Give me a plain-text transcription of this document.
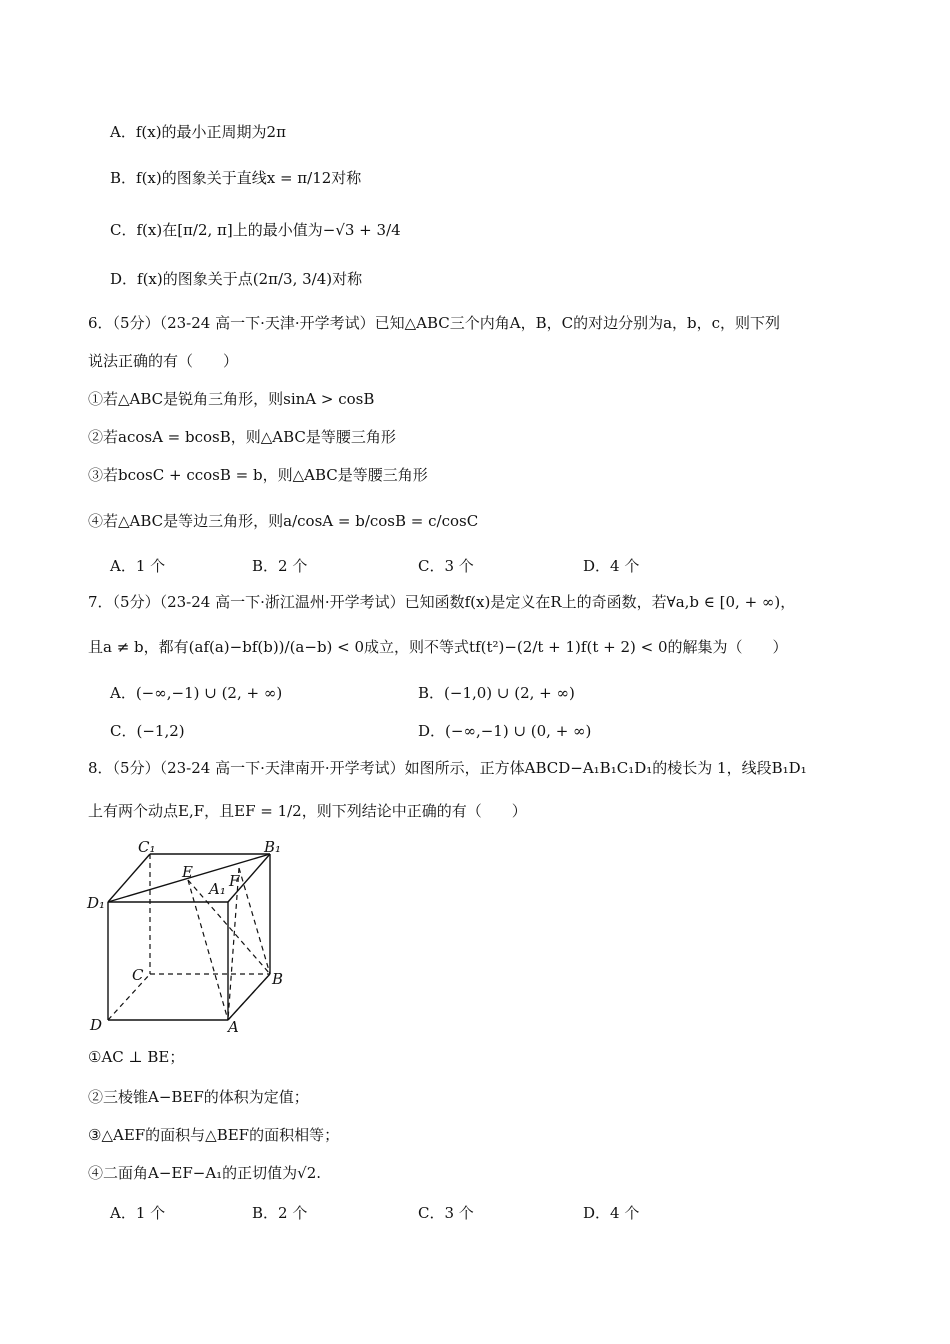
A．f(x)的最小正周期为2π
B．f(x)的图象关于直线x = π/12对称
C．f(x)在[π/2, π]上的最小值为−√3 + 3/4
D．f(x)的图象关于点(2π/3, 3/4)对称
6．（5分）（23-24 高一下·天津·开学考试）已知△ABC三个内角A，B，C的对边分别为a，b，c，则下列
说法正确的有（　　）
①若△ABC是锐角三角形，则sinA > cosB
②若acosA = bcosB，则△ABC是等腰三角形
③若bcosC + ccosB = b，则△ABC是等腰三角形
④若△ABC是等边三角形，则a/cosA = b/cosB = c/cosC
A．1 个	B．2 个	C．3 个	D．4 个
7．（5分）（23-24 高一下·浙江温州·开学考试）已知函数f(x)是定义在R上的奇函数，若∀a,b ∈ [0, + ∞)，
且a ≠ b，都有(af(a)−bf(b))/(a−b) < 0成立，则不等式tf(t²)−(2/t + 1)f(t + 2) < 0的解集为（　　）
A．(−∞,−1) ∪ (2, + ∞)	B．(−1,0) ∪ (2, + ∞)
C．(−1,2)	D．(−∞,−1) ∪ (0, + ∞)
8．（5分）（23-24 高一下·天津南开·开学考试）如图所示，正方体ABCD−A₁B₁C₁D₁的棱长为 1，线段B₁D₁
上有两个动点E,F，且EF = 1/2，则下列结论中正确的有（　　）
C₁	B₁
E
A₁ F
D₁
C	B
D	A
①AC ⊥ BE；
②三棱锥A−BEF的体积为定值；
③△AEF的面积与△BEF的面积相等；
④二面角A−EF−A₁的正切值为√2.
A．1 个	B．2 个	C．3 个	D．4 个
